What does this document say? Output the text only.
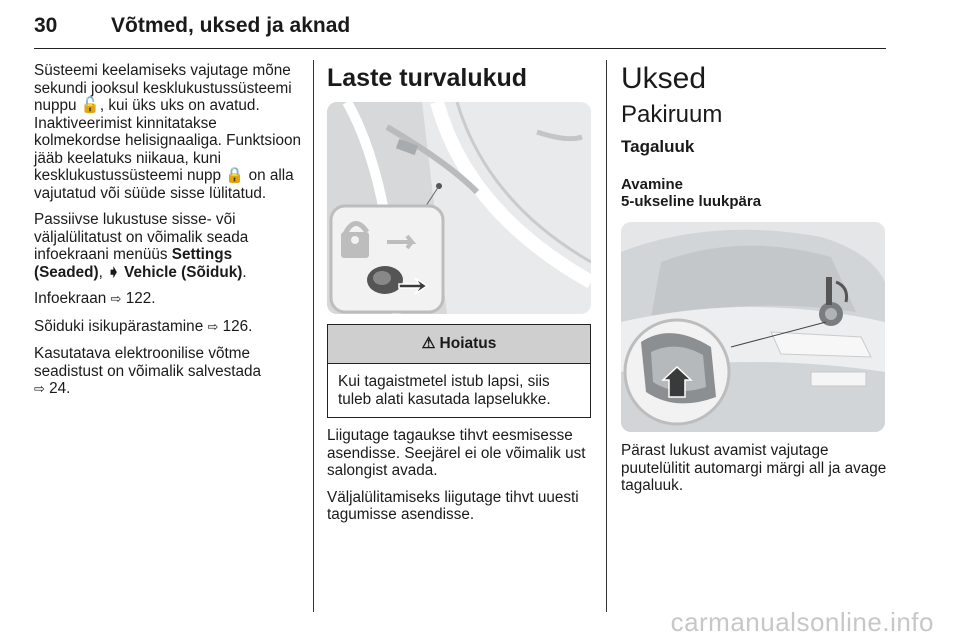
30	Võtmed, uksed ja aknad

Süsteemi keelamiseks vajutage mõne sekundi jooksul kesklukustussüsteemi nuppu 🔓, kui üks uks on avatud. Inaktiveerimist kinnitatakse kolmekordse helisignaaliga. Funktsioon jääb keelatuks niikaua, kuni kesklukustussüsteemi nupp 🔒 on alla vajutatud või süüde sisse lülitatud.

Passiivse lukustuse sisse- või väljalülitatust on võimalik seada infoekraani menüüs Settings (Seaded), ➧ Vehicle (Sõiduk).

Infoekraan ⇨ 122.

Sõiduki isikupärastamine ⇨ 126.

Kasutatava elektroonilise võtme seadistust on võimalik salvestada
⇨ 24.

Laste turvalukud
⚠ Hoiatus
Kui tagaistmetel istub lapsi, siis tuleb alati kasutada lapselukke.

Liigutage tagaukse tihvt eesmisesse asendisse. Seejärel ei ole võimalik ust salongist avada.

Väljalülitamiseks liigutage tihvt uuesti tagumisse asendisse.

Uksed
Pakiruum
Tagaluuk
Avamine
5-ukseline luukpära

Pärast lukust avamist vajutage puutelülitit automargi märgi all ja avage tagaluuk.

carmanualsonline.info
